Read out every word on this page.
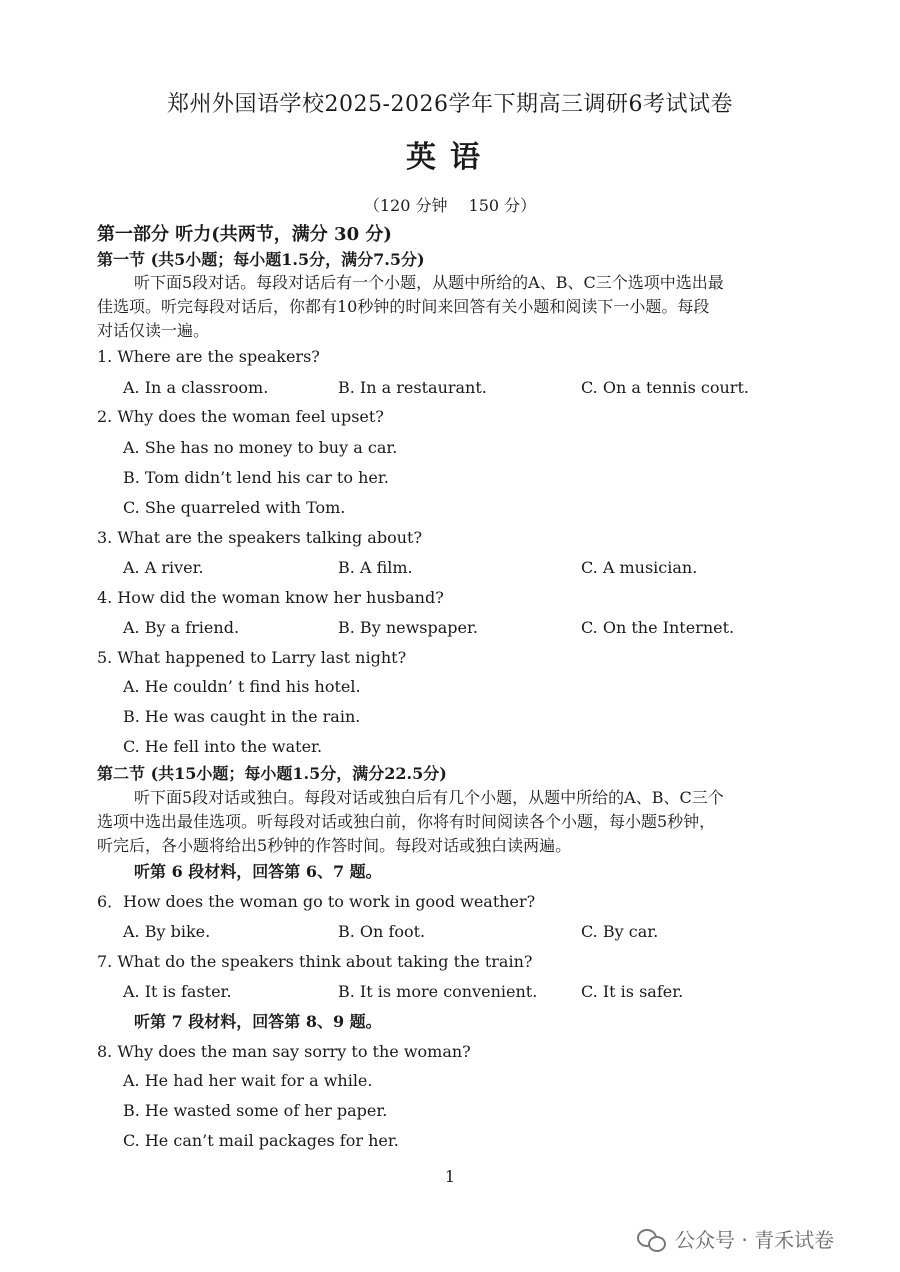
郑州外国语学校2025-2026学年下期高三调研6考试试卷
英语
（120 分钟　 150 分）
第一部分 听力(共两节，满分 30 分)
第一节 (共5小题；每小题1.5分，满分7.5分)
听下面5段对话。每段对话后有一个小题，从题中所给的A、B、C三个选项中选出最
佳选项。听完每段对话后，你都有10秒钟的时间来回答有关小题和阅读下一小题。每段
对话仅读一遍。
1. Where are the speakers?
A. In a classroom.	B. In a restaurant.	C. On a tennis court.
2. Why does the woman feel upset?
A. She has no money to buy a car.
B. Tom didn’t lend his car to her.
C. She quarreled with Tom.
3. What are the speakers talking about?
A. A river.	B. A film.	C. A musician.
4. How did the woman know her husband?
A. By a friend.	B. By newspaper.	C. On the Internet.
5. What happened to Larry last night?
A. He couldn’ t find his hotel.
B. He was caught in the rain.
C. He fell into the water.
第二节 (共15小题；每小题1.5分，满分22.5分)
听下面5段对话或独白。每段对话或独白后有几个小题，从题中所给的A、B、C三个
选项中选出最佳选项。听每段对话或独白前，你将有时间阅读各个小题，每小题5秒钟，
听完后，各小题将给出5秒钟的作答时间。每段对话或独白读两遍。
听第 6 段材料，回答第 6、7 题。
6．How does the woman go to work in good weather?
A. By bike.	B. On foot.	C. By car.
7. What do the speakers think about taking the train?
A. It is faster.	B. It is more convenient.	C. It is safer.
听第 7 段材料，回答第 8、9 题。
8. Why does the man say sorry to the woman?
A. He had her wait for a while.
B. He wasted some of her paper.
C. He can’t mail packages for her.
1
公众号 · 青禾试卷
